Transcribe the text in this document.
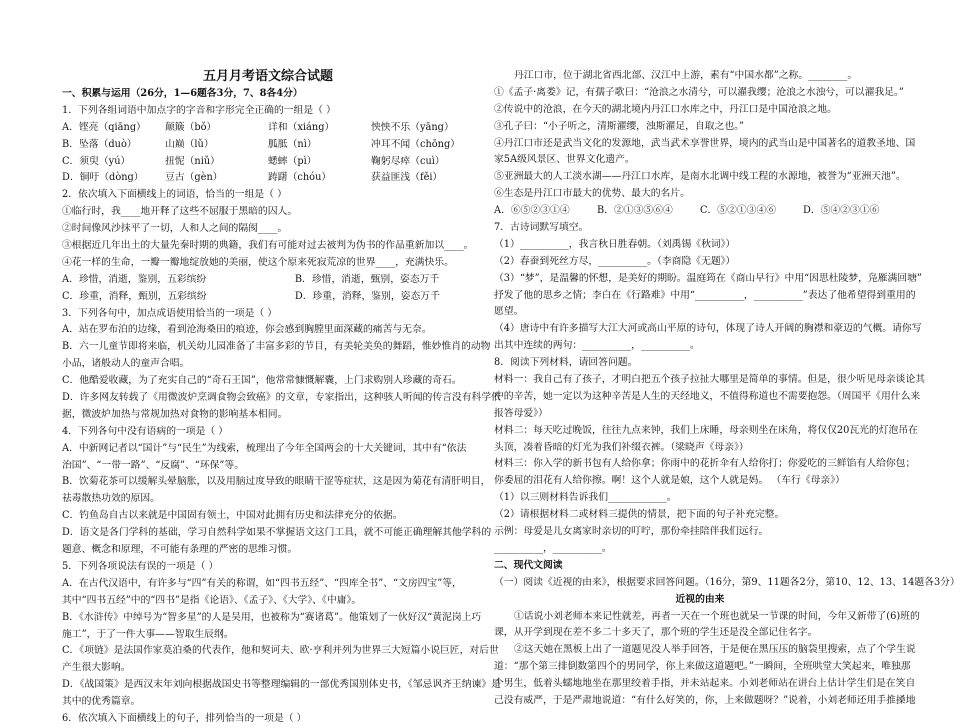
五月月考语文综合试题
一、积累与运用（26分，1—6题各3分，7、8各4分）
1．下列各组词语中加点字的字音和字形完全正确的一组是（ ）
A．铿亮（qiāng）	颠簸（bǒ）	详和（xiáng）	怏怏不乐（yāng）
B．坠落（duò）	山巅（lǔ）	胍胝（nì）	冲耳不闻（chōng）
C．须臾（yú）	扭怩（niǔ）	蟋蟀（pì）	鞠躬尽瘁（cuì）
D．铜吁（dòng）	豆古（gèn）	踌躇（chóu）	获益匪浅（fěi）
2．依次填入下面横线上的词语，恰当的一组是（ ）
①临行时，我____地开释了这些不屈服于黑暗的囚人。
②时间像风沙抹平了一切，人和人之间的隔阂____。
③根据近几年出土的大量先秦时期的典籍，我们有可能对过去被判为伪书的作品重新加以____。
④花一样的生命，一瓣一瓣地绽放她的美丽，使这个原来死寂荒凉的世界____，充满快乐。
A．珍惜，消逝，鉴别，五彩缤纷	B．珍惜，消逝，甄别，姿态万千
C．珍重，消释，甄别，五彩缤纷	D．珍重，消释，鉴别，姿态万千
3．下列各句中，加点成语使用恰当的一项是（ ）
A．站在罗布泊的边缘，看到沧海桑田的痕迹，你会感到胸膛里面深藏的痛苦与无奈。
B．六一儿童节即将来临，机关幼儿园准备了丰富多彩的节目，有美轮美奂的舞蹈，惟妙惟肖的动物
小品，诸般动人的童声合唱。
C．他酷爱收藏，为了充实自己的“奇石王国”，他常常慷慨解囊，上门求购别人珍藏的奇石。
D．许多网友转载了《用微波炉烹调食物会致癌》的文章，专家指出，这种骇人听闻的传言没有科学依
据，微波炉加热与常规加热对食物的影响基本相同。
4．下列各句中没有语病的一项是（ ）
A．中新网记者以“国计”与“民生”为线索，梳理出了今年全国两会的十大关键词，其中有“依法
治国”、“一带一路”、“反腐”、“环保”等。
B．饮菊花茶可以缓解头晕脑胀，以及用脑过度导致的眼睛干涩等症状，这是因为菊花有清肝明目，
祛毒散热功效的原因。
C．钓鱼岛自古以来就是中国固有领土，中国对此拥有历史和法律充分的依据。
D．语文是各门学科的基础，学习自然科学如果不掌握语文这门工具，就不可能正确理解其他学科的
题意、概念和原理，不可能有条理的严密的思维习惯。
5．下列各项说法有误的一项是（ ）
A．在古代汉语中，有许多与“四”有关的称谓，如“四书五经”、“四库全书”、“文房四宝”等，
其中“四书五经”中的“四书”是指《论语》、《孟子》、《大学》、《中庸》。
B．《水浒传》中绰号为“智多星”的人是吴用，也被称为“赛诸葛”。他策划了一伙好汉“黄泥岗上巧
施工”，于了一件大事——智取生辰纲。
C．《项链》是法国作家莫泊桑的代表作，他和契诃夫、欧·亨利并列为世界三大短篇小说巨匠，对后世
产生很大影响。
D．《战国策》是西汉末年刘向根据战国史书等整理编辑的一部优秀国别体史书，《邹忌讽齐王纳谏》是
其中的优秀篇章。
6．依次填入下面横线上的句子，排列恰当的一项是（ ）
丹江口市，位于湖北省西北部、汉江中上游，素有“中国水都”之称。________。
①《孟子·离娄》记，有孺子歌曰：“沧浪之水清兮，可以濯我缨；沧浪之水浊兮，可以濯我足。”
②传说中的沧浪，在今天的湖北境内丹江口水库之中，丹江口是中国沧浪之地。
③孔子曰：“小子听之，清斯濯缨，浊斯濯足，自取之也。”
④丹江口市还是武当文化的发源地，武当武术享誉世界，境内的武当山是中国著名的道教圣地、国
家5A级风景区、世界文化遗产。
⑤亚洲最大的人工淡水湖——丹江口水库，是南水北调中线工程的水源地，被誉为“亚洲天池”。
⑥生态是丹江口市最大的优势、最大的名片。
A．⑥⑤②③①④	B．②①③⑤⑥④	C．⑤②①③④⑥	D．⑤④②③①⑥
7．古诗词默写填空。
（1）__________，我言秋日胜春朝。（刘禹锡《秋词》）
（2）春蚕到死丝方尽，__________。（李商隐《无题》）
（3）“梦”，是温馨的怀想，是美好的期盼。温庭筠在《商山早行》中用“因思杜陵梦，凫雁满回塘”
抒发了他的思乡之情；李白在《行路难》中用“__________，__________”表达了他希望得到重用的
愿望。
（4）唐诗中有许多描写大江大河或高山平原的诗句，体现了诗人开阔的胸襟和豪迈的气概。请你写
出其中连续的两句：__________，__________。
8．阅读下列材料，请回答问题。
材料一：我自己有了孩子，才明白把五个孩子拉扯大哪里是简单的事情。但是，很少听见母亲谈论其
中的辛苦，她一定以为这种辛苦是人生的天经地义，不值得称道也不需要抱怨。（周国平《用什么来
报答母爱》）
材料二：每天吃过晚饭，往往九点来钟，我们上床睡，母亲则坐在床角，将仅仅20瓦光的灯泡吊在
头顶，凑着昏暗的灯光为我们补缀衣裤。（梁晓声《母亲》）
材料三：你入学的新书包有人给你拿；你雨中的花折伞有人给你打；你爱吃的三鲜馅有人给你包；
你委屈的泪花有人给你擦。啊！这个人就是娘，这个人就是妈。 （车行《母亲》）
（1）以三则材料告诉我们____________。
（2）请根据材料二或材料三提供的情景，把下面的句子补充完整。
示例：母爱是儿女离家时亲切的叮咛，那份牵挂陪伴我们远行。
__________，__________。
二、现代文阅读
（一）阅读《近视的由来》，根据要求回答问题。（16分，第9、11题各2分，第10、12、13、14题各3分）
近视的由来
①话说小刘老师本来记性就差，再者一天在一个班也就呆一节课的时间，今年又新带了(6)班的
课，从开学到现在差不多二十多天了，那个班的学生还是没全部记住名字。
②这天她在黑板上出了一道题见没人举手回答，于是便在黑压压的脑袋里搜索，点了个学生说
道：“那个第三排倒数第四个的男同学，你上来做这道题吧。”一瞬间，全班哄堂大笑起来，唯独那
个男生，低着头蠕地地坐在那里绞着手指，并未站起来。小刘老师站在讲台上估计学生们是在笑自
己没有威严，于是严肃地说道：“有什么好笑的，你，上来做题呀？”说着，小刘老师还用手推搡地
